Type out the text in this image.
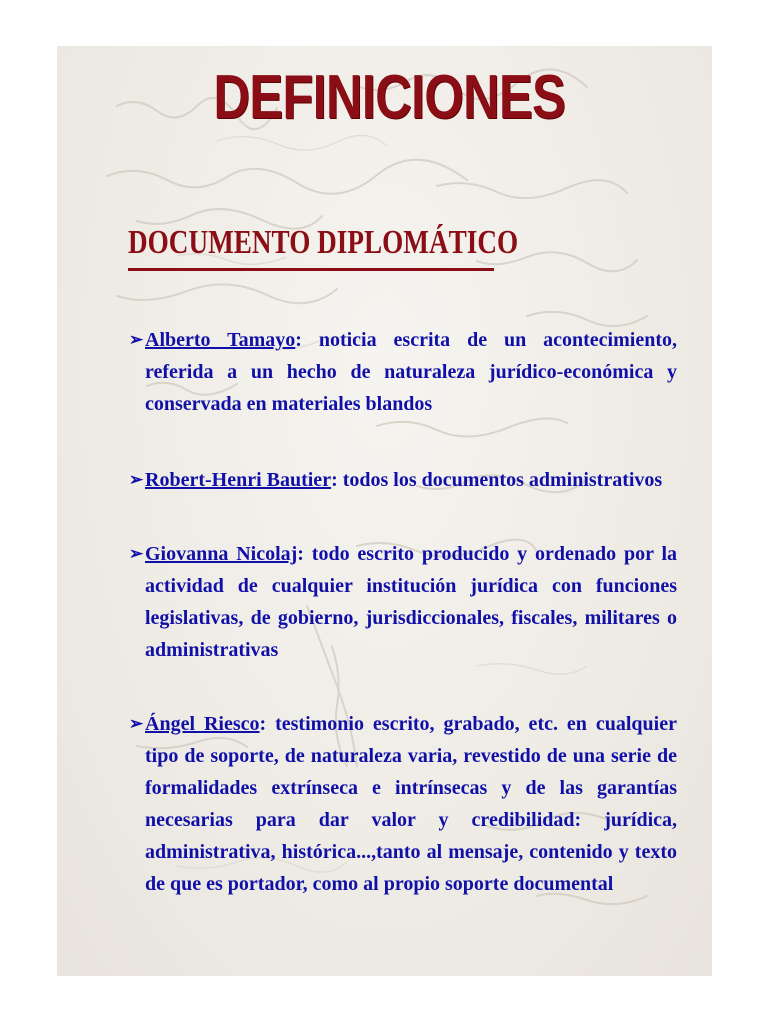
DEFINICIONES
DOCUMENTO DIPLOMÁTICO
➢ Alberto Tamayo: noticia escrita de un acontecimiento, referida a un hecho de naturaleza jurídico-económica y conservada en materiales blandos
➢ Robert-Henri Bautier: todos los documentos administrativos
➢ Giovanna Nicolaj: todo escrito producido y ordenado por la actividad de cualquier institución jurídica con funciones legislativas, de gobierno, jurisdiccionales, fiscales, militares o administrativas
➢ Ángel Riesco: testimonio escrito, grabado, etc. en cualquier tipo de soporte, de naturaleza varia, revestido de una serie de formalidades extrínseca e intrínsecas y de las garantías necesarias para dar valor y credibilidad: jurídica, administrativa, histórica...,tanto al mensaje, contenido y texto de que es portador, como al propio soporte documental
